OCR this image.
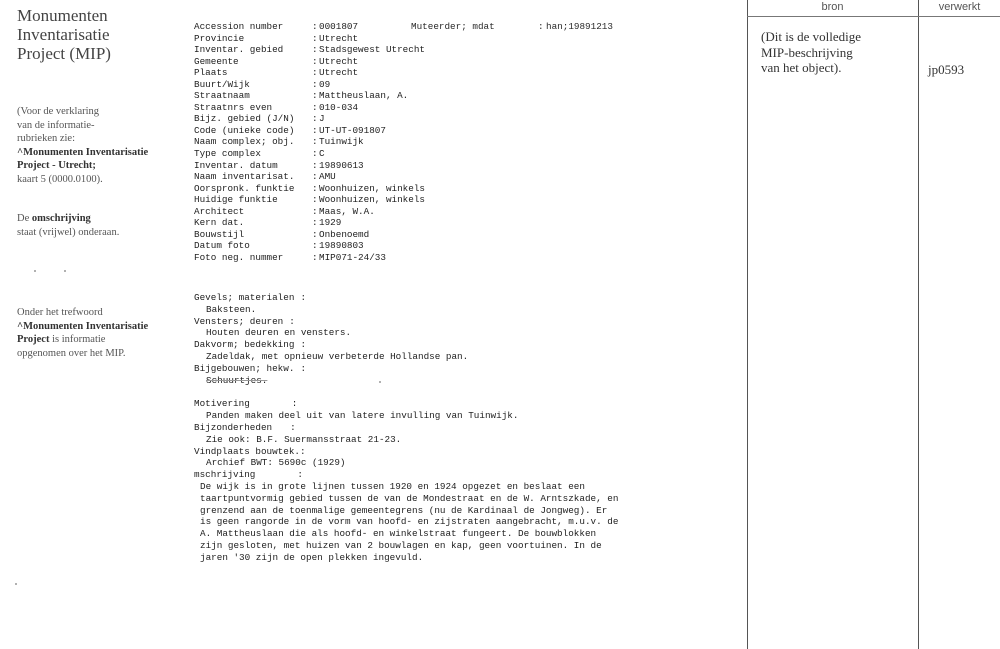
Monumenten
Inventarisatie
Project (MIP)
(Voor de verklaring
van de informatie-
rubrieken zie:
^Monumenten Inventarisatie
Project - Utrecht;
kaart 5 (0000.0100).
De omschrijving
staat (vrijwel) onderaan.
Onder het trefwoord
^Monumenten Inventarisatie
Project is informatie
opgenomen over het MIP.
Accession number	: 0001807
Provincie	: Utrecht
Inventar. gebied	: Stadsgewest Utrecht
Gemeente	: Utrecht
Plaats	: Utrecht
Buurt/Wijk	: 09
Straatnaam	: Mattheuslaan, A.
Straatnrs even	: 010-034
Bijz. gebied (J/N) : J
Code (unieke code) : UT-UT-091807
Naam complex; obj. : Tuinwijk
Type complex	: C
Inventar. datum	: 19890613
Naam inventarisat. : AMU
Oorspronk. funktie : Woonhuizen, winkels
Huidige funktie	: Woonhuizen, winkels
Architect	: Maas, W.A.
Kern dat.	: 1929
Bouwstijl	: Onbenoemd
Datum foto	: 19890803
Foto neg. nummer	: MIP071-24/33
Muteerder; mdat	: han;19891213
Gevels; materialen :
Baksteen.
Vensters; deuren :
Houten deuren en vensters.
Dakvorm; bedekking :
Zadeldak, met opnieuw verbeterde Hollandse pan.
Bijgebouwen; hekw. :
Schuurtjes.
Motivering	:
Panden maken deel uit van latere invulling van Tuinwijk.
Bijzonderheden :
Zie ook: B.F. Suermansstraat 21-23.
Vindplaats bouwtek.:
Archief BWT: 5690c (1929)
mschrijving	:
De wijk is in grote lijnen tussen 1920 en 1924 opgezet en beslaat een
taartpuntvormig gebied tussen de van de Mondestraat en de W. Arntszkade, en
grenzend aan de toenmalige gemeentegrens (nu de Kardinaal de Jongweg). Er
is geen rangorde in de vorm van hoofd- en zijstraten aangebracht, m.u.v. de
A. Mattheuslaan die als hoofd- en winkelstraat fungeert. De bouwblokken
zijn gesloten, met huizen van 2 bouwlagen en kap, geen voortuinen. In de
jaren '30 zijn de open plekken ingevuld.
bron	verwerkt
(Dit is de volledige
MIP-beschrijving
van het object).	jp0593
